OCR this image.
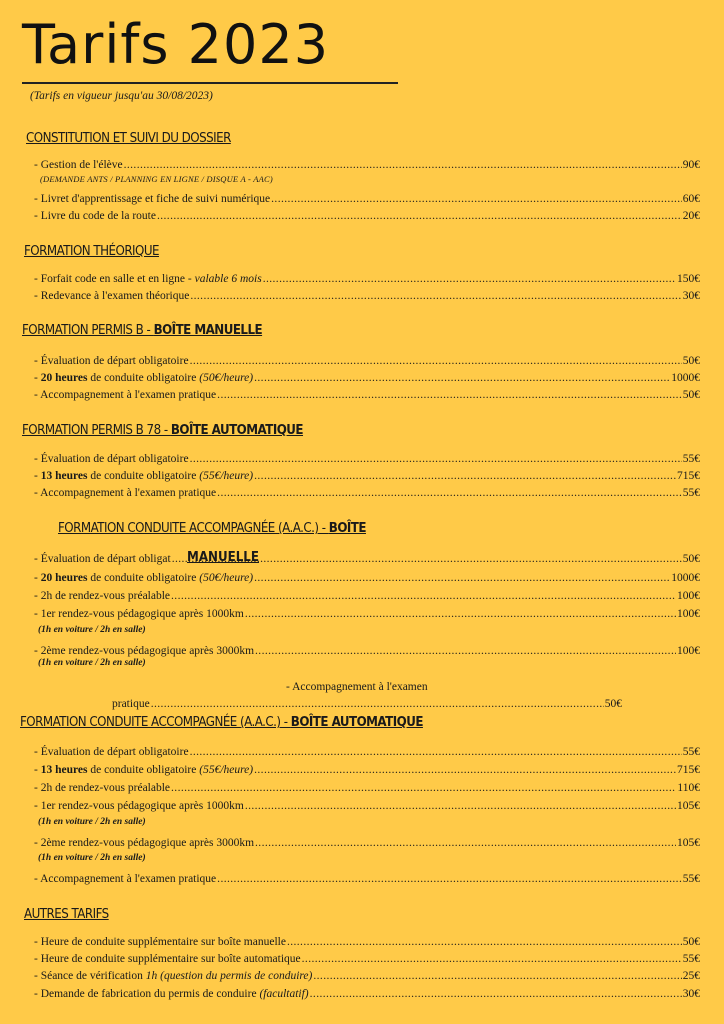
Tarifs 2023
(Tarifs en vigueur jusqu'au 30/08/2023)
CONSTITUTION ET SUIVI DU DOSSIER
- Gestion de l'élève .....	90€
(DEMANDE ANTS / PLANNING EN LIGNE / DISQUE A - AAC)
- Livret d'apprentissage et fiche de suivi numérique .....	60€
- Livre du code de la route .....	20€
FORMATION THÉORIQUE
- Forfait code en salle et en ligne - valable 6 mois .....	150€
- Redevance à l'examen théorique .....	30€
FORMATION PERMIS B - BOÎTE MANUELLE
- Évaluation de départ obligatoire .....	50€
- 20 heures de conduite obligatoire (50€/heure) .....	1000€
- Accompagnement à l'examen pratique .....	50€
FORMATION PERMIS B 78 - BOÎTE AUTOMATIQUE
- Évaluation de départ obligatoire .....	55€
- 13 heures de conduite obligatoire (55€/heure) .....	715€
- Accompagnement à l'examen pratique .....	55€
FORMATION CONDUITE ACCOMPAGNÉE (A.A.C.) - BOÎTE
- Évaluation de départ obligat .....	50€
MANUELLE
- 20 heures de conduite obligatoire (50€/heure) .....	1000€
- 2h de rendez-vous préalable .....	100€
- 1er rendez-vous pédagogique après 1000km .....	100€
(1h en voiture / 2h en salle)
- 2ème rendez-vous pédagogique après 3000km .....	100€
(1h en voiture / 2h en salle)
- Accompagnement à l'examen
pratique .....	50€
FORMATION CONDUITE ACCOMPAGNÉE (A.A.C.) - BOÎTE AUTOMATIQUE
- Évaluation de départ obligatoire .....	55€
- 13 heures de conduite obligatoire (55€/heure) .....	715€
- 2h de rendez-vous préalable .....	110€
- 1er rendez-vous pédagogique après 1000km .....	105€
(1h en voiture / 2h en salle)
- 2ème rendez-vous pédagogique après 3000km .....	105€
(1h en voiture / 2h en salle)
- Accompagnement à l'examen pratique .....	55€
AUTRES TARIFS
- Heure de conduite supplémentaire sur boîte manuelle .....	50€
- Heure de conduite supplémentaire sur boîte automatique .....	55€
- Séance de vérification 1h (question du permis de conduire) .....	25€
- Demande de fabrication du permis de conduire (facultatif) .....	30€
